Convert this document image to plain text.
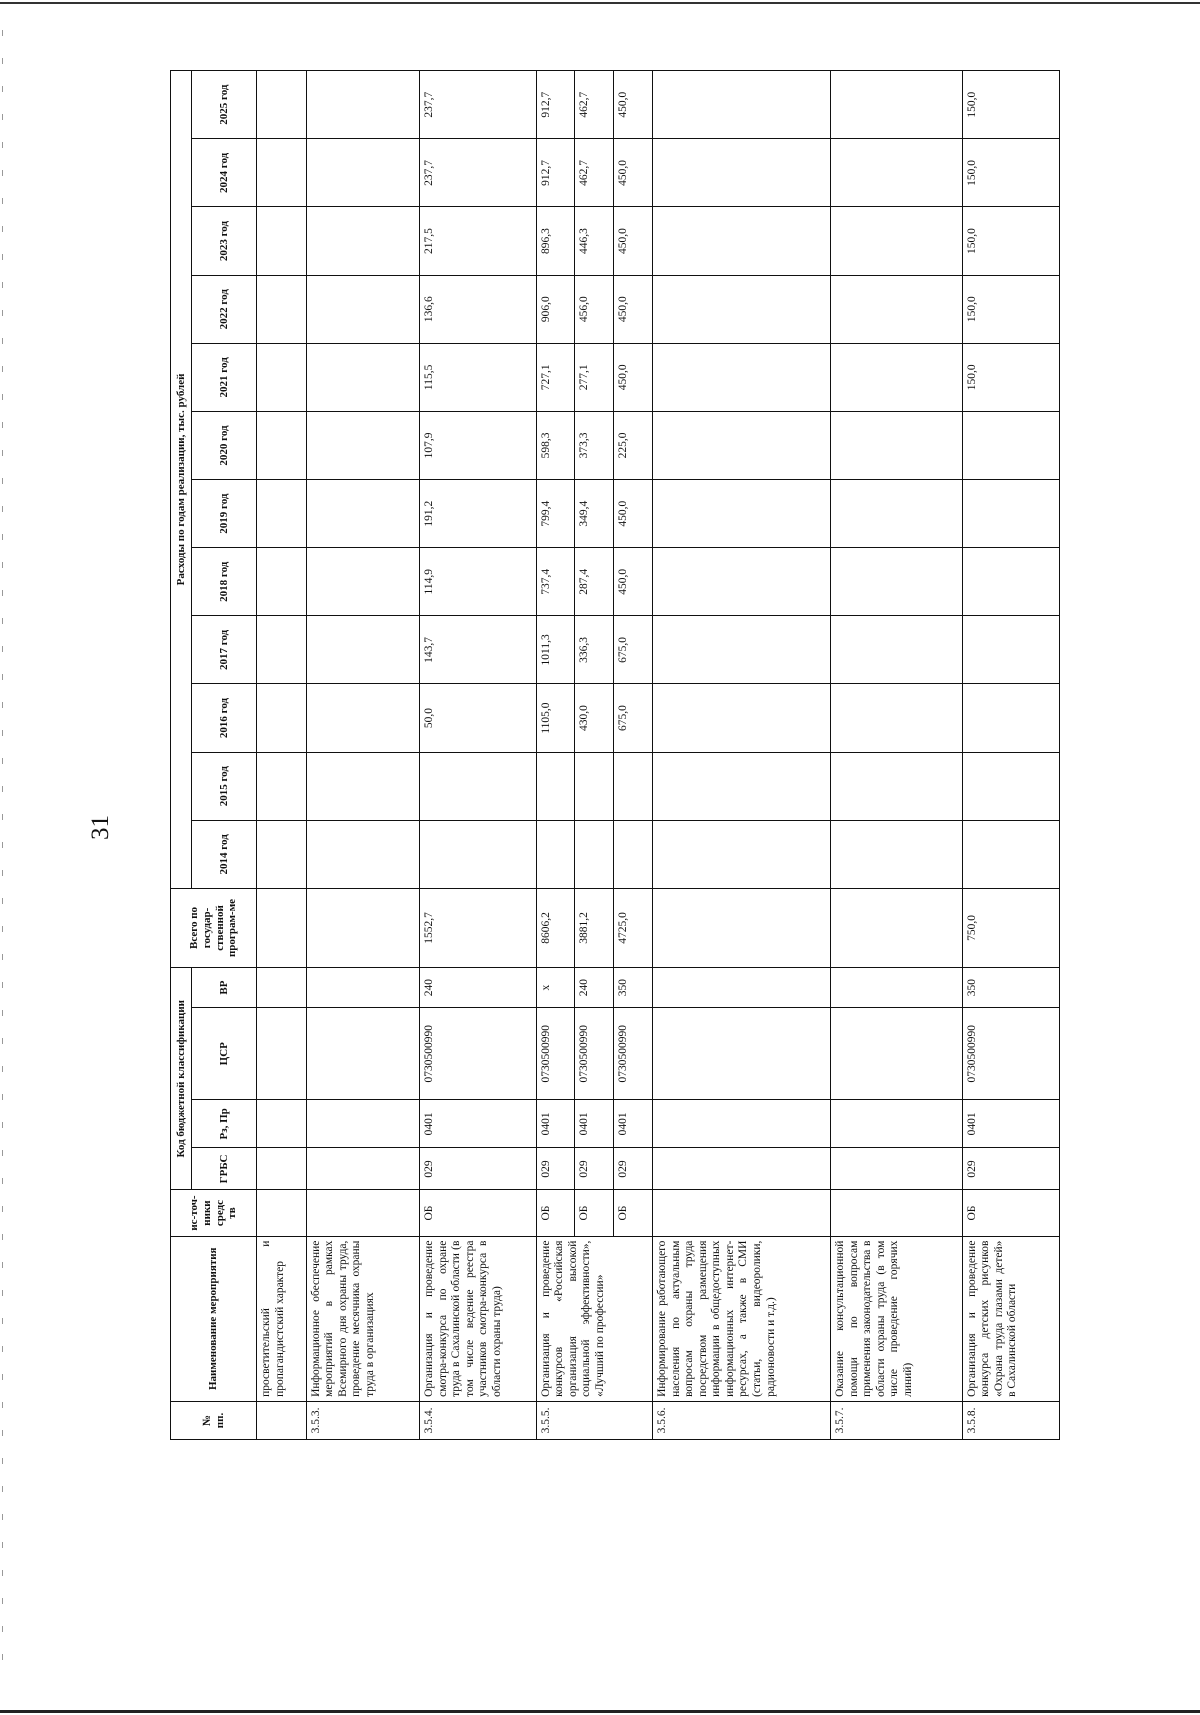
31
№ пп.	Наименование мероприятия	ис-точ-ники средс тв	Код бюджетной классификации				Всего по государ-ственной програм-ме	Расходы по годам реализации, тыс. рублей											
			ГРБС	Рз, Пр	ЦСР	ВР		2014 год	2015 год	2016 год	2017 год	2018 год	2019 год	2020 год	2021 год	2022 год	2023 год	2024 год	2025 год
	просветительский и пропагандистский характер																		
3.5.3.	Информационное обеспечение мероприятий в рамках Всемирного дня охраны труда, проведение месячника охраны труда в организациях																		
3.5.4.	Организация и проведение смотра-конкурса по охране труда в Сахалинской области (в том числе ведение реестра участников смотра-конкурса в области охраны труда)	ОБ	029	0401	0730500990	240	1552,7			50,0	143,7	114,9	191,2	107,9	115,5	136,6	217,5	237,7	237,7
3.5.5.	Организация и проведение конкурсов «Российская организация высокой социальной эффективности», «Лучший по профессии»	ОБ	029	0401	0730500990	х	8606,2			1105,0	1011,3	737,4	799,4	598,3	727,1	906,0	896,3	912,7	912,7
		ОБ	029	0401	0730500990	240	3881,2			430,0	336,3	287,4	349,4	373,3	277,1	456,0	446,3	462,7	462,7
		ОБ	029	0401	0730500990	350	4725,0			675,0	675,0	450,0	450,0	225,0	450,0	450,0	450,0	450,0	450,0
3.5.6.	Информирование работающего населения по актуальным вопросам охраны труда посредством размещения информации в общедоступных информационных интернет-ресурсах, а также в СМИ (статьи, видеоролики, радионовости и т.д.)																		
3.5.7.	Оказание консультационной помощи по вопросам применения законодательства в области охраны труда (в том числе проведение горячих линий)																		
3.5.8.	Организация и проведение конкурса детских рисунков «Охрана труда глазами детей» в Сахалинской области	ОБ	029	0401	0730500990	350	750,0								150,0	150,0	150,0	150,0	150,0
